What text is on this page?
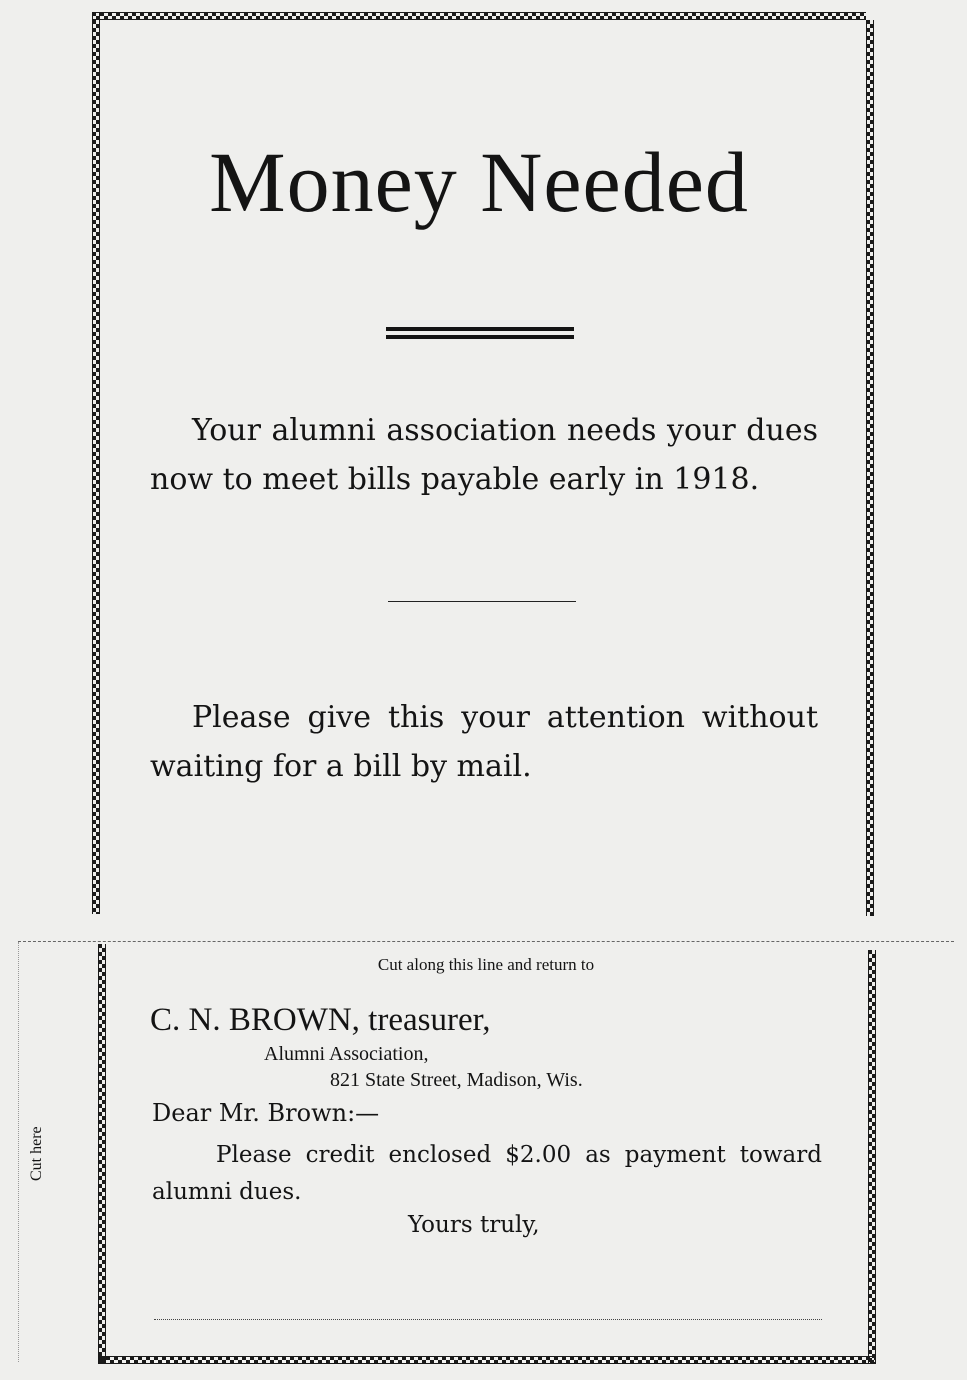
Money Needed

Your alumni association needs your dues now to meet bills payable early in 1918.

Please give this your attention without waiting for a bill by mail.

Cut here
Cut along this line and return to
C. N. BROWN, treasurer,
Alumni Association,
821 State Street, Madison, Wis.
Dear Mr. Brown:—

Please credit enclosed $2.00 as payment toward alumni dues.

Yours truly,
